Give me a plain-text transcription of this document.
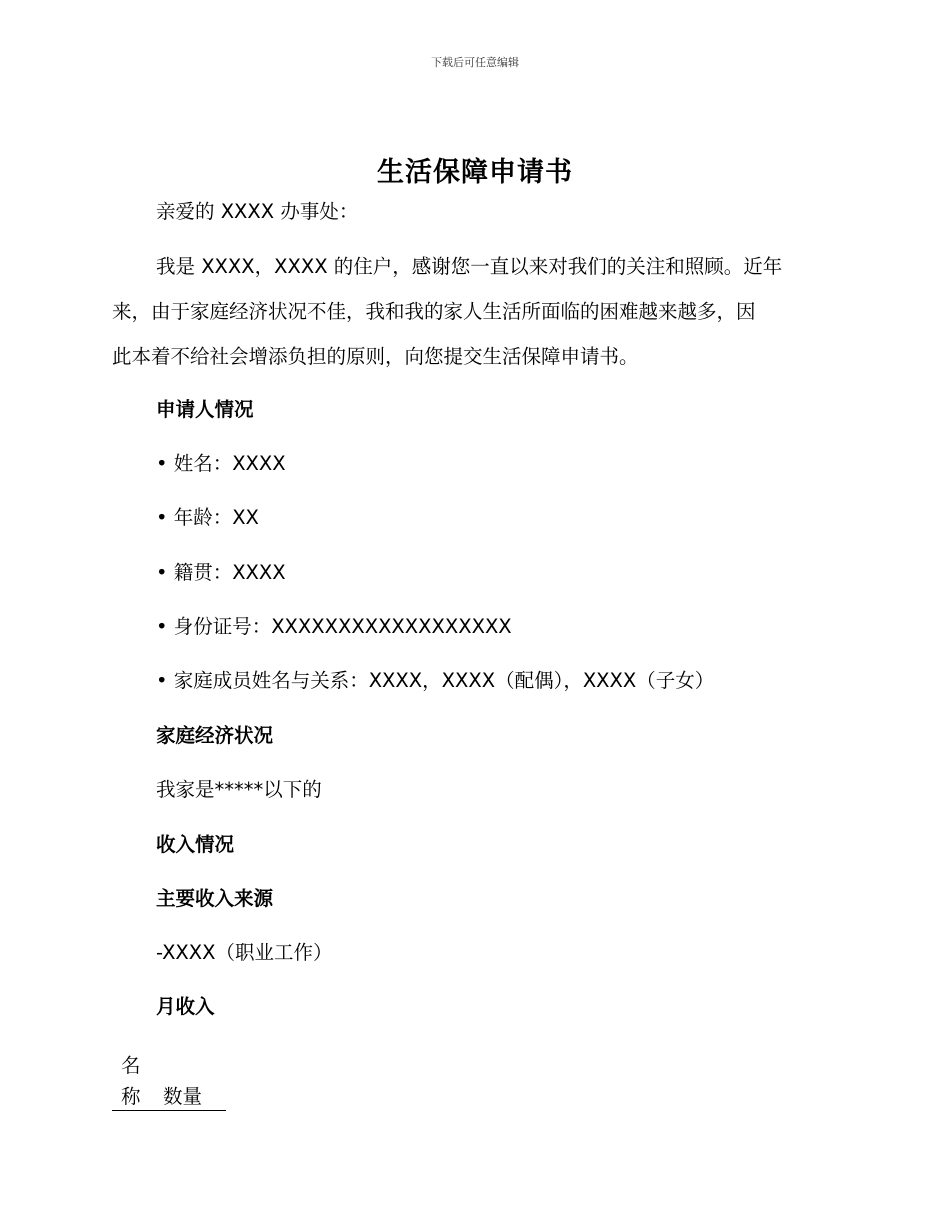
下载后可任意编辑
生活保障申请书
亲爱的 XXXX 办事处：
我是 XXXX，XXXX 的住户，感谢您一直以来对我们的关注和照顾。近年
来，由于家庭经济状况不佳，我和我的家人生活所面临的困难越来越多，因
此本着不给社会增添负担的原则，向您提交生活保障申请书。
申请人情况
• 姓名：XXXX
• 年龄：XX
• 籍贯：XXXX
• 身份证号：XXXXXXXXXXXXXXXXXX
• 家庭成员姓名与关系：XXXX，XXXX（配偶），XXXX（子女）
家庭经济状况
我家是*****以下的
收入情况
主要收入来源
-XXXX（职业工作）
月收入
名称 数量
